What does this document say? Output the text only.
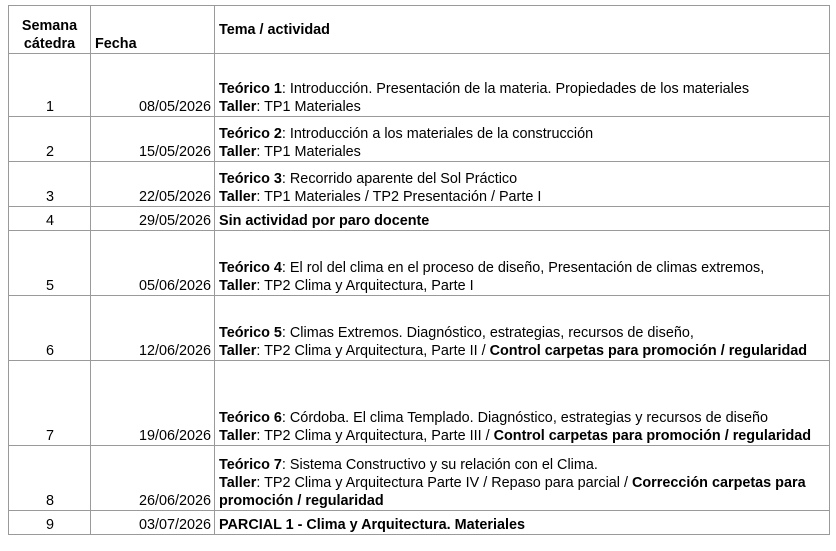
Semana
cátedra	Fecha	Tema / actividad
1	08/05/2026	Teórico 1: Introducción. Presentación de la materia. Propiedades de los materiales
Taller: TP1 Materiales

2	15/05/2026	Teórico 2: Introducción a los materiales de la construcción
Taller: TP1 Materiales

3	22/05/2026	Teórico 3: Recorrido aparente del Sol Práctico
Taller: TP1 Materiales / TP2 Presentación / Parte I

4	29/05/2026	Sin actividad por paro docente

5	05/06/2026	Teórico 4: El rol del clima en el proceso de diseño, Presentación de climas extremos,
Taller: TP2 Clima y Arquitectura, Parte I

6	12/06/2026	Teórico 5: Climas Extremos. Diagnóstico, estrategias, recursos de diseño,
Taller: TP2 Clima y Arquitectura, Parte II / Control carpetas para promoción / regularidad

7	19/06/2026	Teórico 6: Córdoba. El clima Templado. Diagnóstico, estrategias y recursos de diseño
Taller: TP2 Clima y Arquitectura, Parte III / Control carpetas para promoción / regularidad

8	26/06/2026	Teórico 7: Sistema Constructivo y su relación con el Clima.
Taller: TP2 Clima y Arquitectura Parte IV / Repaso para parcial / Corrección carpetas para promoción / regularidad

9	03/07/2026	PARCIAL 1 - Clima y Arquitectura. Materiales
